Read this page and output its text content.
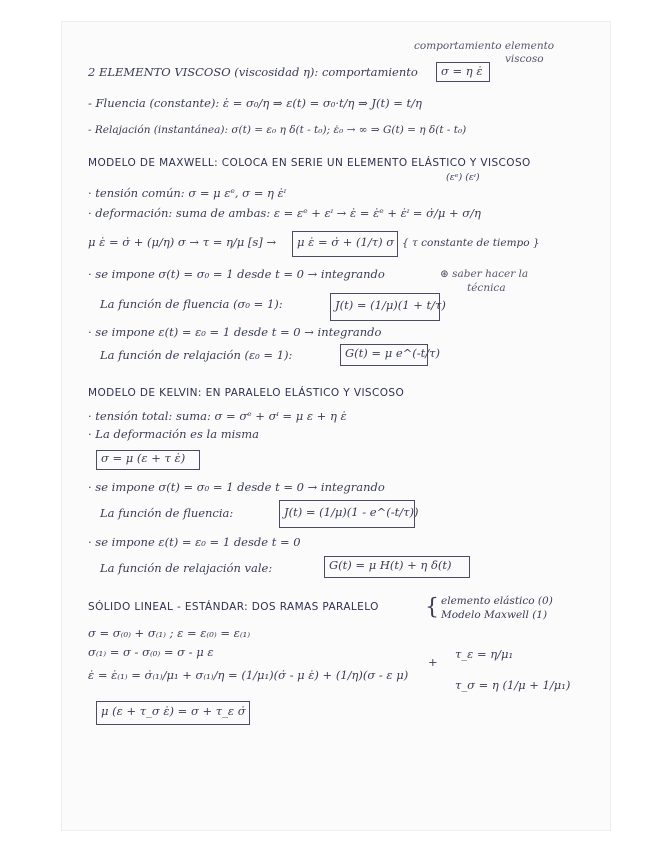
comportamiento elemento
viscoso
2 ELEMENTO VISCOSO (viscosidad η): comportamiento σ = η ε̇
- Fluencia (constante): ε̇ = σ₀/η ⇒ ε(t) = σ₀·t/η ⇒ J(t) = t/η
- Relajación (instantánea): σ(t) = ε₀ η δ(t - t₀); ε̇₀ → ∞ ⇒ G(t) = η δ(t - t₀)
MODELO DE MAXWELL: COLOCA EN SERIE UN ELEMENTO ELÁSTICO Y VISCOSO
(εᵉ) (εᶦ)
· tensión común: σ = μ εᵉ, σ = η ε̇ᶦ
· deformación: suma de ambas: ε = εᵉ + εᶦ → ε̇ = ε̇ᵉ + ε̇ᶦ = σ̇/μ + σ/η
μ ε̇ = σ̇ + (μ/η) σ → τ = η/μ [s] → μ ε̇ = σ̇ + (1/τ) σ { τ constante de tiempo }
· se impone σ(t) = σ₀ = 1 desde t = 0 → integrando	⊛ saber hacer la
técnica
La función de fluencia (σ₀ = 1):	J(t) = (1/μ)(1 + t/τ)
· se impone ε(t) = ε₀ = 1 desde t = 0 → integrando
La función de relajación (ε₀ = 1):	G(t) = μ e^(-t/τ)
MODELO DE KELVIN: EN PARALELO ELÁSTICO Y VISCOSO
· tensión total: suma: σ = σᵉ + σᶦ = μ ε + η ε̇
· La deformación es la misma
σ = μ (ε + τ ε̇)
· se impone σ(t) = σ₀ = 1 desde t = 0 → integrando
La función de fluencia:	J(t) = (1/μ)(1 - e^(-t/τ))
· se impone ε(t) = ε₀ = 1 desde t = 0
La función de relajación vale:	G(t) = μ H(t) + η δ(t)
SÓLIDO LINEAL - ESTÁNDAR: DOS RAMAS PARALELO { elemento elástico (0)
Modelo Maxwell (1)
σ = σ₍₀₎ + σ₍₁₎ ; ε = ε₍₀₎ = ε₍₁₎
σ₍₁₎ = σ - σ₍₀₎ = σ - μ ε
ε̇ = ε̇₍₁₎ = σ̇₍₁₎/μ₁ + σ₍₁₎/η = (1/μ₁)(σ̇ - μ ε̇) + (1/η)(σ - ε μ)
+
τ_ε = η/μ₁
τ_σ = η (1/μ + 1/μ₁)
μ (ε + τ_σ ε̇) = σ + τ_ε σ̇
